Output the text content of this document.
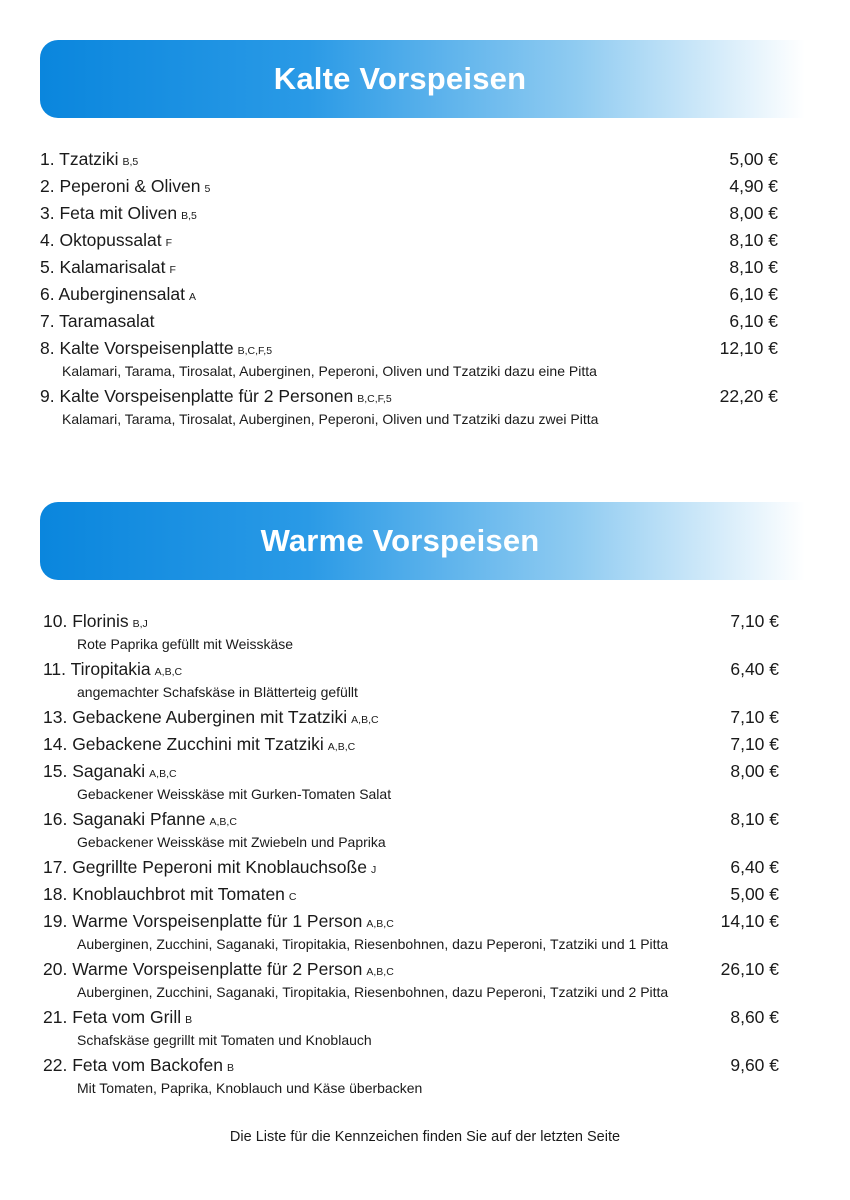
Kalte Vorspeisen
1. Tzatziki B,5	5,00 €
2. Peperoni & Oliven 5	4,90 €
3. Feta mit Oliven B,5	8,00 €
4. Oktopussalat F	8,10 €
5. Kalamarisalat F	8,10 €
6. Auberginensalat A	6,10 €
7. Taramasalat	6,10 €
8. Kalte Vorspeisenplatte B,C,F,5	12,10 €
Kalamari, Tarama, Tirosalat, Auberginen, Peperoni, Oliven und Tzatziki dazu eine Pitta
9. Kalte Vorspeisenplatte für 2 Personen B,C,F,5	22,20 €
Kalamari, Tarama, Tirosalat, Auberginen, Peperoni, Oliven und Tzatziki dazu zwei Pitta
Warme Vorspeisen
10. Florinis B,J	7,10 €
Rote Paprika gefüllt mit Weisskäse
11. Tiropitakia A,B,C	6,40 €
angemachter Schafskäse in Blätterteig gefüllt
13. Gebackene Auberginen mit Tzatziki A,B,C	7,10 €
14. Gebackene Zucchini mit Tzatziki A,B,C	7,10 €
15. Saganaki A,B,C	8,00 €
Gebackener Weisskäse mit Gurken-Tomaten Salat
16. Saganaki Pfanne A,B,C	8,10 €
Gebackener Weisskäse mit Zwiebeln und Paprika
17. Gegrillte Peperoni mit Knoblauchsoße J	6,40 €
18. Knoblauchbrot mit Tomaten C	5,00 €
19. Warme Vorspeisenplatte für 1 Person A,B,C	14,10 €
Auberginen, Zucchini, Saganaki, Tiropitakia, Riesenbohnen, dazu Peperoni, Tzatziki und 1 Pitta
20. Warme Vorspeisenplatte für 2 Person A,B,C	26,10 €
Auberginen, Zucchini, Saganaki, Tiropitakia, Riesenbohnen, dazu Peperoni, Tzatziki und 2 Pitta
21. Feta vom Grill B	8,60 €
Schafskäse gegrillt mit Tomaten und Knoblauch
22. Feta vom Backofen B	9,60 €
Mit Tomaten, Paprika, Knoblauch und Käse überbacken
Die Liste für die Kennzeichen finden Sie auf der letzten Seite
